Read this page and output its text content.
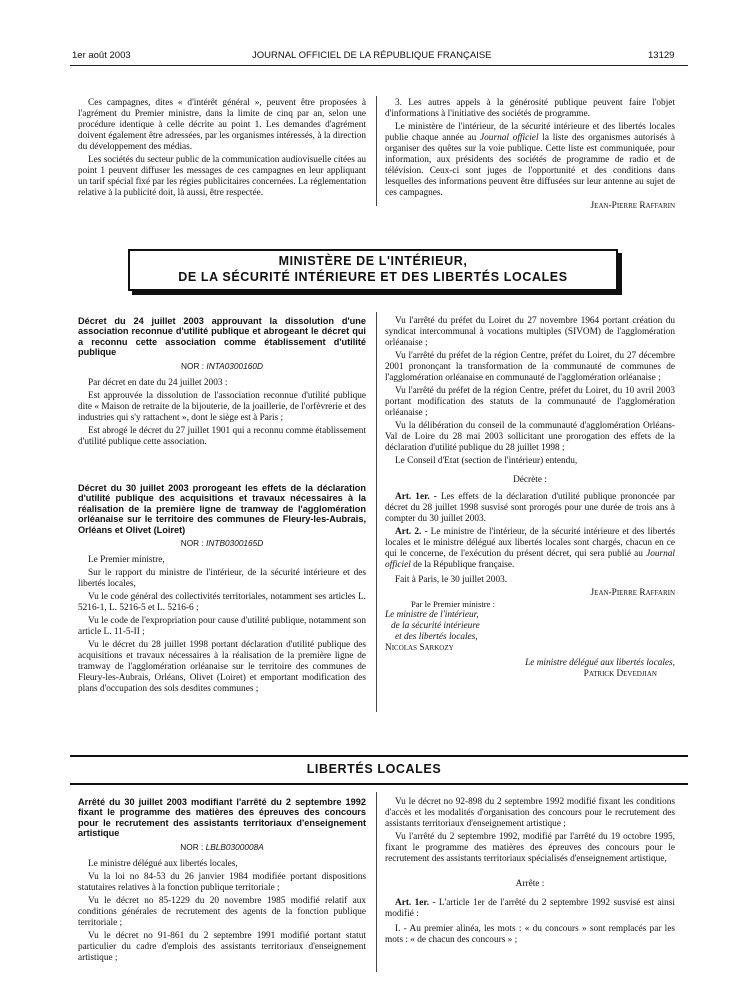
1er août 2003	JOURNAL OFFICIEL DE LA RÉPUBLIQUE FRANÇAISE	13129

Ces campagnes, dites « d'intérêt général », peuvent être proposées à l'agrément du Premier ministre, dans la limite de cinq par an, selon une procédure identique à celle décrite au point 1. Les demandes d'agrément doivent également être adressées, par les organismes intéressés, à la direction du développement des médias.

Les sociétés du secteur public de la communication audiovisuelle citées au point 1 peuvent diffuser les messages de ces campagnes en leur appliquant un tarif spécial fixé par les régies publicitaires concernées. La réglementation relative à la publicité doit, là aussi, être respectée.

3. Les autres appels à la générosité publique peuvent faire l'objet d'informations à l'initiative des sociétés de programme.

Le ministère de l'intérieur, de la sécurité intérieure et des libertés locales publie chaque année au Journal officiel la liste des organismes autorisés à organiser des quêtes sur la voie publique. Cette liste est communiquée, pour information, aux présidents des sociétés de programme de radio et de télévision. Ceux-ci sont juges de l'opportunité et des conditions dans lesquelles des informations peuvent être diffusées sur leur antenne au sujet de ces campagnes.

Jean-Pierre Raffarin
MINISTÈRE DE L'INTÉRIEUR,
DE LA SÉCURITÉ INTÉRIEURE ET DES LIBERTÉS LOCALES

Décret du 24 juillet 2003 approuvant la dissolution d'une association reconnue d'utilité publique et abrogeant le décret qui a reconnu cette association comme établissement d'utilité publique

NOR : INTA0300160D

Par décret en date du 24 juillet 2003 :

Est approuvée la dissolution de l'association reconnue d'utilité publique dite « Maison de retraite de la bijouterie, de la joaillerie, de l'orfèvrerie et des industries qui s'y rattachent », dont le siège est à Paris ;

Est abrogé le décret du 27 juillet 1901 qui a reconnu comme établissement d'utilité publique cette association.

Décret du 30 juillet 2003 prorogeant les effets de la déclaration d'utilité publique des acquisitions et travaux nécessaires à la réalisation de la première ligne de tramway de l'agglomération orléanaise sur le territoire des communes de Fleury-les-Aubrais, Orléans et Olivet (Loiret)

NOR : INTB0300165D

Le Premier ministre,

Sur le rapport du ministre de l'intérieur, de la sécurité intérieure et des libertés locales,

Vu le code général des collectivités territoriales, notamment ses articles L. 5216-1, L. 5216-5 et L. 5216-6 ;

Vu le code de l'expropriation pour cause d'utilité publique, notamment son article L. 11-5-II ;

Vu le décret du 28 juillet 1998 portant déclaration d'utilité publique des acquisitions et travaux nécessaires à la réalisation de la première ligne de tramway de l'agglomération orléanaise sur le territoire des communes de Fleury-les-Aubrais, Orléans, Olivet (Loiret) et emportant modification des plans d'occupation des sols desdites communes ;

Vu l'arrêté du préfet du Loiret du 27 novembre 1964 portant création du syndicat intercommunal à vocations multiples (SIVOM) de l'agglomération orléanaise ;

Vu l'arrêté du préfet de la région Centre, préfet du Loiret, du 27 décembre 2001 prononçant la transformation de la communauté de communes de l'agglomération orléanaise en communauté de l'agglomération orléanaise ;

Vu l'arrêté du préfet de la région Centre, préfet du Loiret, du 10 avril 2003 portant modification des statuts de la communauté de l'agglomération orléanaise ;

Vu la délibération du conseil de la communauté d'agglomération Orléans-Val de Loire du 28 mai 2003 sollicitant une prorogation des effets de la déclaration d'utilité publique du 28 juillet 1998 ;

Le Conseil d'Etat (section de l'intérieur) entendu,

Décrète :

Art. 1er. - Les effets de la déclaration d'utilité publique prononcée par décret du 28 juillet 1998 susvisé sont prorogés pour une durée de trois ans à compter du 30 juillet 2003.

Art. 2. - Le ministre de l'intérieur, de la sécurité intérieure et des libertés locales et le ministre délégué aux libertés locales sont chargés, chacun en ce qui le concerne, de l'exécution du présent décret, qui sera publié au Journal officiel de la République française.

Fait à Paris, le 30 juillet 2003.

Jean-Pierre Raffarin
Par le Premier ministre :
Le ministre de l'intérieur,
de la sécurité intérieure
et des libertés locales,
Nicolas Sarkozy
Le ministre délégué aux libertés locales,
Patrick Devedjian
LIBERTÉS LOCALES

Arrêté du 30 juillet 2003 modifiant l'arrêté du 2 septembre 1992 fixant le programme des matières des épreuves des concours pour le recrutement des assistants territoriaux d'enseignement artistique

NOR : LBLB0300008A

Le ministre délégué aux libertés locales,

Vu la loi no 84-53 du 26 janvier 1984 modifiée portant dispositions statutaires relatives à la fonction publique territoriale ;

Vu le décret no 85-1229 du 20 novembre 1985 modifié relatif aux conditions générales de recrutement des agents de la fonction publique territoriale ;

Vu le décret no 91-861 du 2 septembre 1991 modifié portant statut particulier du cadre d'emplois des assistants territoriaux d'enseignement artistique ;

Vu le décret no 92-898 du 2 septembre 1992 modifié fixant les conditions d'accès et les modalités d'organisation des concours pour le recrutement des assistants territoriaux d'enseignement artistique ;

Vu l'arrêté du 2 septembre 1992, modifié par l'arrêté du 19 octobre 1995, fixant le programme des matières des épreuves des concours pour le recrutement des assistants territoriaux spécialisés d'enseignement artistique,

Arrête :

Art. 1er. - L'article 1er de l'arrêté du 2 septembre 1992 susvisé est ainsi modifié :

I. - Au premier alinéa, les mots : « du concours » sont remplacés par les mots : « de chacun des concours » ;
